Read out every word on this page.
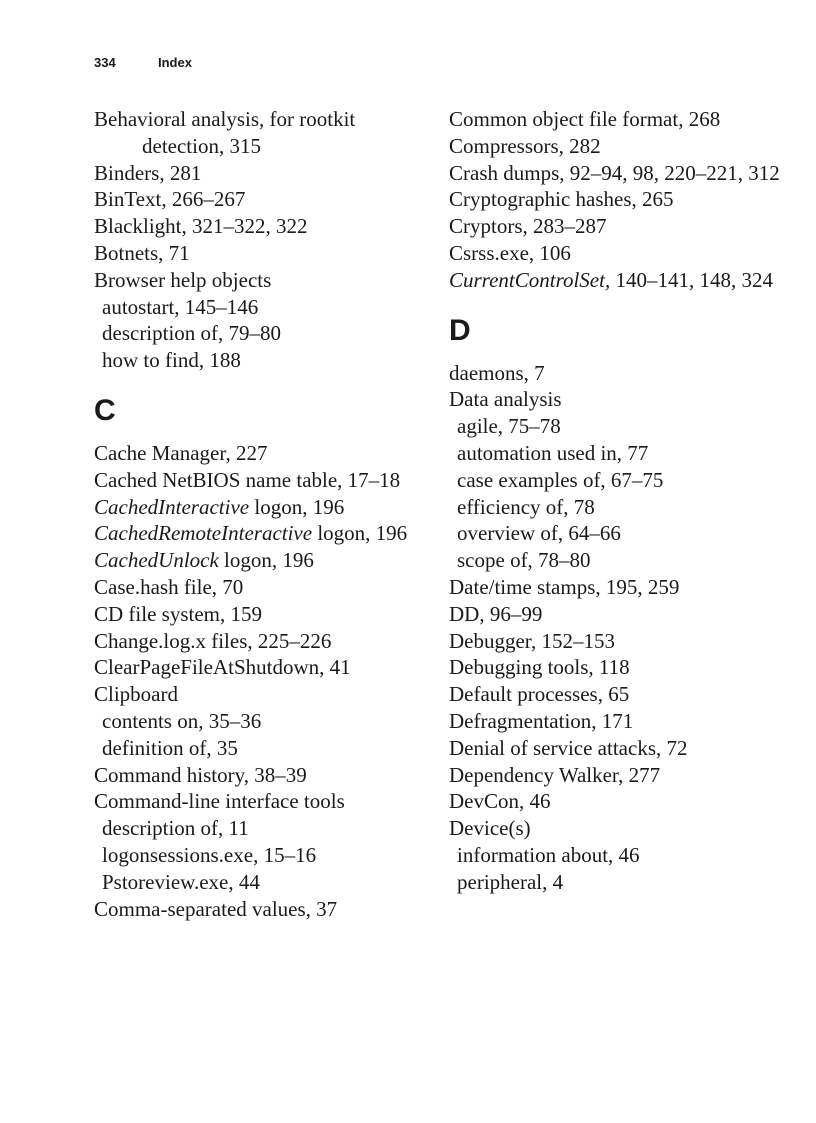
334	Index

Behavioral analysis, for rootkit detection, 315

Binders, 281

BinText, 266–267

Blacklight, 321–322, 322

Botnets, 71

Browser help objects

autostart, 145–146

description of, 79–80

how to find, 188

C

Cache Manager, 227

Cached NetBIOS name table, 17–18

CachedInteractive logon, 196

CachedRemoteInteractive logon, 196

CachedUnlock logon, 196

Case.hash file, 70

CD file system, 159

Change.log.x files, 225–226

ClearPageFileAtShutdown, 41

Clipboard

contents on, 35–36

definition of, 35

Command history, 38–39

Command-line interface tools

description of, 11

logonsessions.exe, 15–16

Pstoreview.exe, 44

Comma-separated values, 37

Common object file format, 268

Compressors, 282

Crash dumps, 92–94, 98, 220–221, 312

Cryptographic hashes, 265

Cryptors, 283–287

Csrss.exe, 106

CurrentControlSet, 140–141, 148, 324

D

daemons, 7

Data analysis

agile, 75–78

automation used in, 77

case examples of, 67–75

efficiency of, 78

overview of, 64–66

scope of, 78–80

Date/time stamps, 195, 259

DD, 96–99

Debugger, 152–153

Debugging tools, 118

Default processes, 65

Defragmentation, 171

Denial of service attacks, 72

Dependency Walker, 277

DevCon, 46

Device(s)

information about, 46

peripheral, 4
